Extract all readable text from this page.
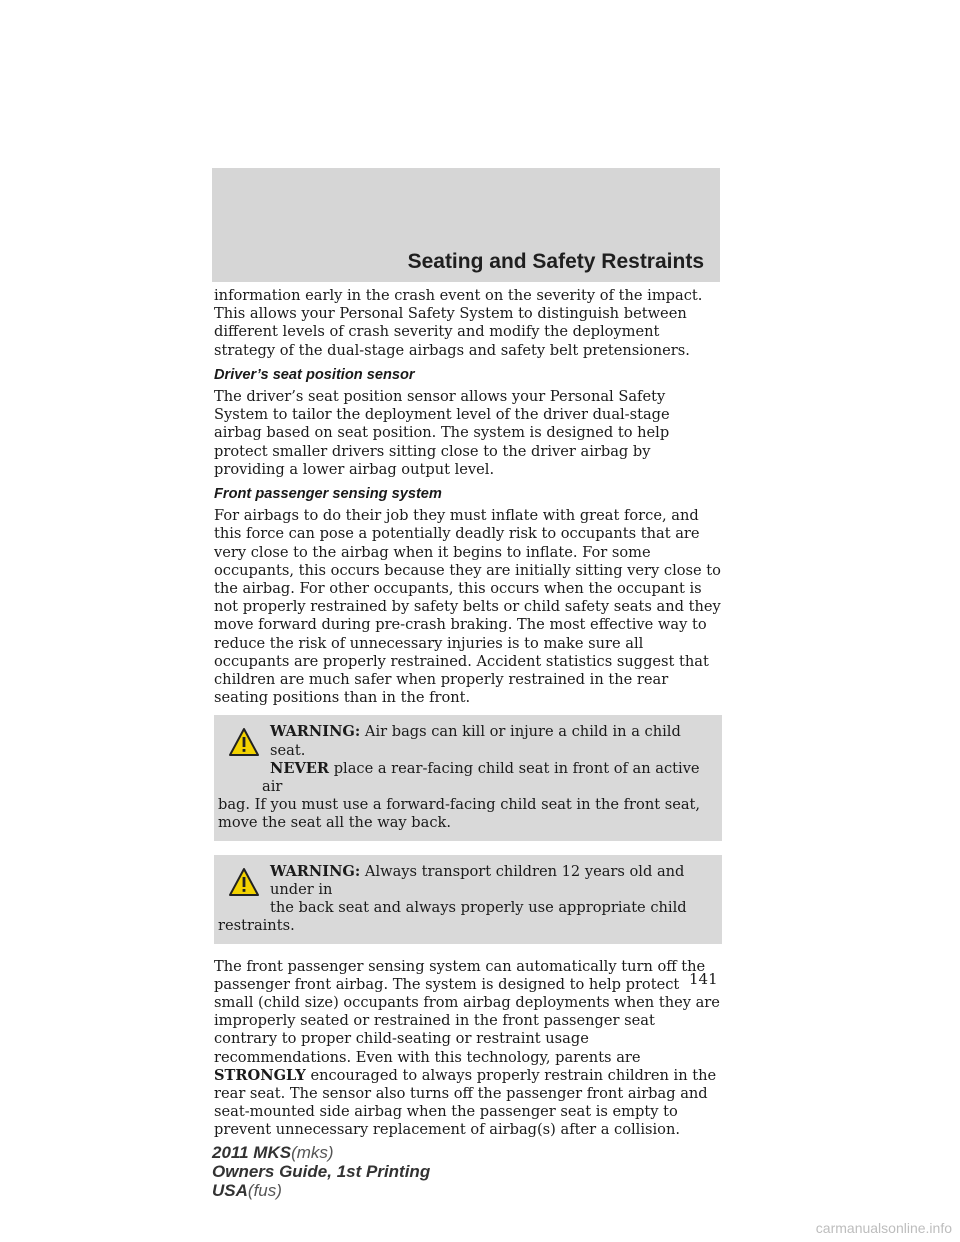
Seating and Safety Restraints

information early in the crash event on the severity of the impact. This allows your Personal Safety System to distinguish between different levels of crash severity and modify the deployment strategy of the dual-stage airbags and safety belt pretensioners.

Driver’s seat position sensor

The driver’s seat position sensor allows your Personal Safety System to tailor the deployment level of the driver dual-stage airbag based on seat position. The system is designed to help protect smaller drivers sitting close to the driver airbag by providing a lower airbag output level.

Front passenger sensing system

For airbags to do their job they must inflate with great force, and this force can pose a potentially deadly risk to occupants that are very close to the airbag when it begins to inflate. For some occupants, this occurs because they are initially sitting very close to the airbag. For other occupants, this occurs when the occupant is not properly restrained by safety belts or child safety seats and they move forward during pre-crash braking. The most effective way to reduce the risk of unnecessary injuries is to make sure all occupants are properly restrained. Accident statistics suggest that children are much safer when properly restrained in the rear seating positions than in the front.

WARNING: Air bags can kill or injure a child in a child seat.
NEVER place a rear-facing child seat in front of an active air
bag. If you must use a forward-facing child seat in the front seat, move the seat all the way back.
WARNING: Always transport children 12 years old and under in
the back seat and always properly use appropriate child
restraints.

The front passenger sensing system can automatically turn off the passenger front airbag. The system is designed to help protect small (child size) occupants from airbag deployments when they are improperly seated or restrained in the front passenger seat contrary to proper child-seating or restraint usage recommendations. Even with this technology, parents are STRONGLY encouraged to always properly restrain children in the rear seat. The sensor also turns off the passenger front airbag and seat-mounted side airbag when the passenger seat is empty to prevent unnecessary replacement of airbag(s) after a collision.

141
2011 MKS(mks)
Owners Guide, 1st Printing
USA(fus)
carmanualsonline.info
